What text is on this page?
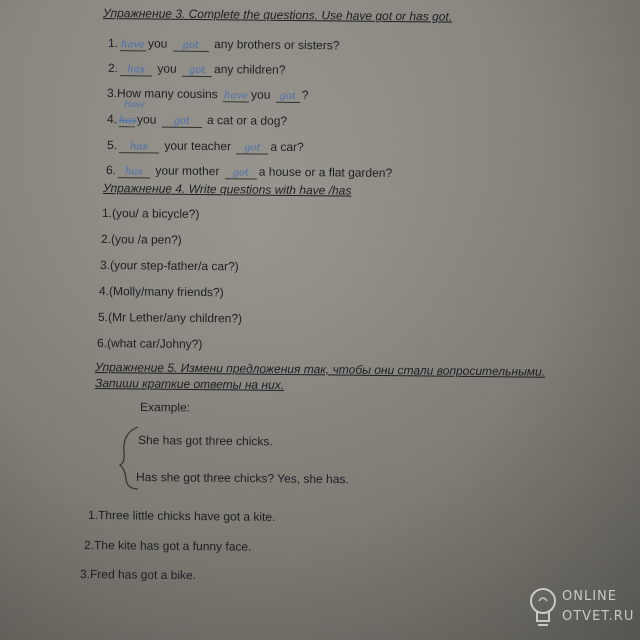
Упражнение 3. Complete the questions. Use have got or has got.
1. have you got any brothers or sisters?
2. has you got any children?
3.How many cousins have you got ?
Have
4. hasyou got a cat or a dog?
5. has your teacher got a car?
6. has your mother got a house or a flat garden?
Упражнение 4. Write questions with have /has
1.(you/ a bicycle?)
2.(you /a pen?)
3.(your step-father/a car?)
4.(Molly/many friends?)
5.(Mr Lether/any children?)
6.(what car/Johny?)
Упражнение 5. Измени предложения так, чтобы они стали вопросительными.
Запиши краткие ответы на них.
Example:
She has got three chicks.
Has she got three chicks? Yes, she has.
1.Three little chicks have got a kite.
2.The kite has got a funny face.
3.Fred has got a bike.
ONLINE
OTVET.RU
